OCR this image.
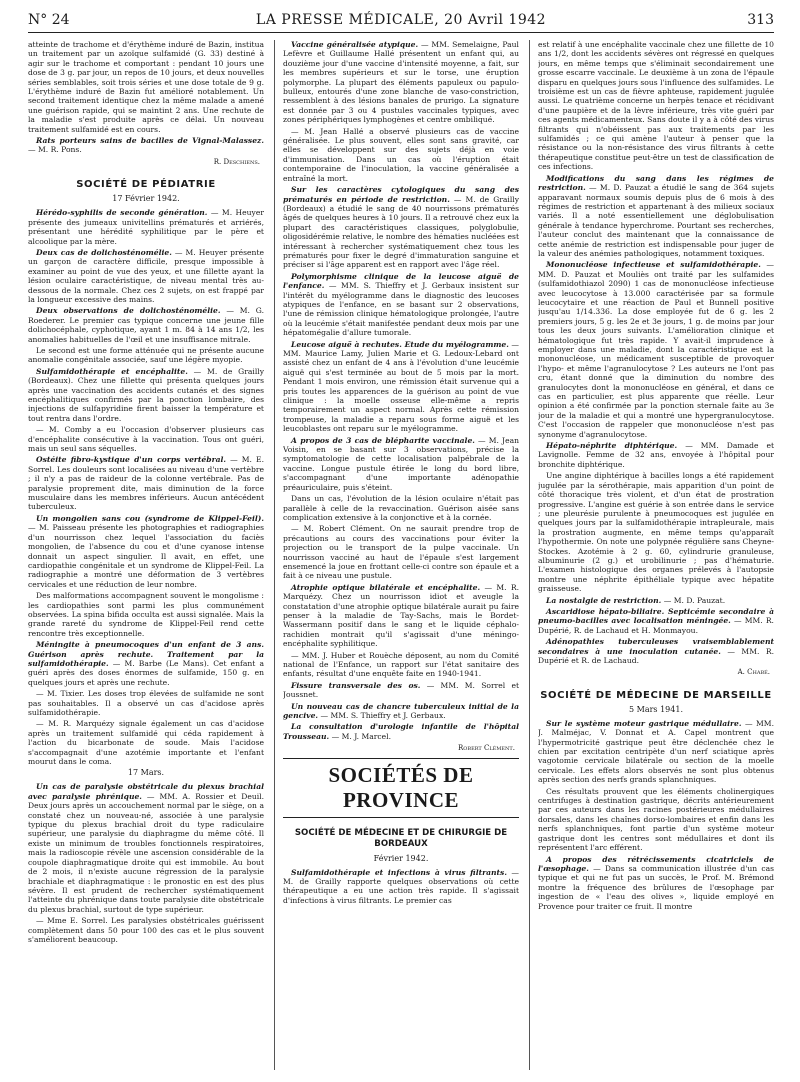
N° 24	LA PRESSE MÉDICALE, 20 Avril 1942	313

atteinte de trachome et d'érythème induré de Bazin, institua un traitement par un azoïque sulfamidé (G. 33) destiné à agir sur le trachome et comportant : pendant 10 jours une dose de 3 g. par jour, un repos de 10 jours, et deux nouvelles séries semblables, soit trois séries et une dose totale de 9 g. L'érythème induré de Bazin fut amélioré notablement. Un second traitement identique chez la même malade a amené une guérison rapide, qui se maintint 2 ans. Une rechute de la maladie s'est produite après ce délai. Un nouveau traitement sulfamidé est en cours.

Rats porteurs sains de bacilles de Vignal-Malassez. — M. R. Pons.

R. Deschiens.

SOCIÉTÉ DE PÉDIATRIE
17 Février 1942.

Hérédo-syphilis de seconde génération. — M. Heuyer présente des jumeaux univitellins prématurés et arriérés, présentant une hérédité syphilitique par le père et alcoolique par la mère.

Deux cas de dolichosténomélie. — M. Heuyer présente un garçon de caractère difficile, presque impossible à examiner au point de vue des yeux, et une fillette ayant la lésion oculaire caractéristique, de niveau mental très au-dessous de la normale. Chez ces 2 sujets, on est frappé par la longueur excessive des mains.

Deux observations de dolichosténomélie. — M. G. Roederer. Le premier cas typique concerne une jeune fille dolichocéphale, cyphotique, ayant 1 m. 84 à 14 ans 1/2, les anomalies habituelles de l'œil et une insuffisance mitrale.

Le second est une forme atténuée qui ne présente aucune anomalie congénitale associée, sauf une légère myopie.

Sulfamidothérapie et encéphalite. — M. de Grailly (Bordeaux). Chez une fillette qui présenta quelques jours après une vaccination des accidents cutanés et des signes encéphalitiques confirmés par la ponction lombaire, des injections de sulfapyridine firent baisser la température et tout rentra dans l'ordre.

— M. Comby a eu l'occasion d'observer plusieurs cas d'encéphalite consécutive à la vaccination. Tous ont guéri, mais un seul sans séquelles.

Ostéite fibro-kystique d'un corps vertébral. — M. E. Sorrel. Les douleurs sont localisées au niveau d'une vertèbre ; il n'y a pas de raideur de la colonne vertébrale. Pas de paralysie proprement dite, mais diminution de la force musculaire dans les membres inférieurs. Aucun antécédent tuberculeux.

Un mongolien sans cou (syndrome de Klippel-Feil). — M. Paisseau présente les photographies et radiographies d'un nourrisson chez lequel l'association du faciès mongolien, de l'absence du cou et d'une cyanose intense donnait un aspect singulier. Il avait, en effet, une cardiopathie congénitale et un syndrome de Klippel-Feil. La radiographie a montré une déformation de 3 vertèbres cervicales et une réduction de leur nombre.

Des malformations accompagnent souvent le mongolisme : les cardiopathies sont parmi les plus communément observées. La spina bifida occulta est aussi signalée. Mais la grande rareté du syndrome de Klippel-Feil rend cette rencontre très exceptionnelle.

Méningite à pneumocoques d'un enfant de 3 ans. Guérison après rechute. Traitement par la sulfamidothérapie. — M. Barbe (Le Mans). Cet enfant a guéri après des doses énormes de sulfamide, 150 g. en quelques jours et après une rechute.

— M. Tixier. Les doses trop élevées de sulfamide ne sont pas souhaitables. Il a observé un cas d'acidose après sulfamidothérapie.

— M. R. Marquézy signale également un cas d'acidose après un traitement sulfamidé qui céda rapidement à l'action du bicarbonate de soude. Mais l'acidose s'accompagnait d'une azotémie importante et l'enfant mourut dans le coma.

17 Mars.

Un cas de paralysie obstétricale du plexus brachial avec paralysie phrénique. — MM. A. Rossier et Deuil. Deux jours après un accouchement normal par le siège, on a constaté chez un nouveau-né, associée à une paralysie typique du plexus brachial droit du type radiculaire supérieur, une paralysie du diaphragme du même côté. Il existe un minimum de troubles fonctionnels respiratoires, mais la radioscopie révèle une ascension considérable de la coupole diaphragmatique droite qui est immobile. Au bout de 2 mois, il n'existe aucune régression de la paralysie brachiale et diaphragmatique : le pronostic en est des plus sévère. Il est prudent de rechercher systématiquement l'atteinte du phrénique dans toute paralysie dite obstétricale du plexus brachial, surtout de type supérieur.

— Mme E. Sorrel. Les paralysies obstétricales guérissent complètement dans 50 pour 100 des cas et le plus souvent s'améliorent beaucoup.

Vaccine généralisée atypique. — MM. Semelaigne, Paul Lefèvre et Guillaume Hallé présentent un enfant qui, au douzième jour d'une vaccine d'intensité moyenne, a fait, sur les membres supérieurs et sur le torse, une éruption polymorphe. La plupart des éléments papuleux ou papulo-bulleux, entourés d'une zone blanche de vaso-constriction, ressemblent à des lésions banales de prurigo. La signature est donnée par 3 ou 4 pustules vaccinales typiques, avec zones périphériques lymphogènes et centre ombiliqué.

— M. Jean Hallé a observé plusieurs cas de vaccine généralisée. Le plus souvent, elles sont sans gravité, car elles se développent sur des sujets déjà en voie d'immunisation. Dans un cas où l'éruption était contemporaine de l'inoculation, la vaccine généralisée a entraîné la mort.

Sur les caractères cytologiques du sang des prématurés en période de restriction. — M. de Grailly (Bordeaux) a étudié le sang de 40 nourrissons prématurés âgés de quelques heures à 10 jours. Il a retrouvé chez eux la plupart des caractéristiques classiques, polyglobulie, oligosidérémie relative, le nombre des hématies nucléées est intéressant à rechercher systématiquement chez tous les prématurés pour fixer le degré d'immaturation sanguine et préciser si l'âge apparent est en rapport avec l'âge réel.

Polymorphisme clinique de la leucose aiguë de l'enfance. — MM. S. Thieffry et J. Gerbaux insistent sur l'intérêt du myélogramme dans le diagnostic des leucoses atypiques de l'enfance, en se basant sur 2 observations, l'une de rémission clinique hématologique prolongée, l'autre où la leucémie s'était manifestée pendant deux mois par une hépatomégalie d'allure tumorale.

Leucose aiguë à rechutes. Etude du myélogramme. — MM. Maurice Lamy, Julien Marie et G. Ledoux-Lebard ont assisté chez un enfant de 4 ans à l'évolution d'une leucémie aiguë qui s'est terminée au bout de 5 mois par la mort. Pendant 1 mois environ, une rémission était survenue qui a pris toutes les apparences de la guérison au point de vue clinique : la moelle osseuse elle-même a repris temporairement un aspect normal. Après cette rémission trompeuse, la maladie a reparu sous forme aiguë et les leucoblastes ont reparu sur le myélogramme.

A propos de 3 cas de blépharite vaccinale. — M. Jean Voisin, en se basant sur 3 observations, précise la symptomatologie de cette localisation palpébrale de la vaccine. Longue pustule étirée le long du bord libre, s'accompagnant d'une importante adénopathie préauriculaire, puis s'éteint.

Dans un cas, l'évolution de la lésion oculaire n'était pas parallèle à celle de la revaccination. Guérison aisée sans complication extensive à la conjonctive et à la cornée.

— M. Robert Clément. On ne saurait prendre trop de précautions au cours des vaccinations pour éviter la projection ou le transport de la pulpe vaccinale. Un nourrisson vacciné au haut de l'épaule s'est largement ensemencé la joue en frottant celle-ci contre son épaule et a fait à ce niveau une pustule.

Atrophie optique bilatérale et encéphalite. — M. R. Marquézy. Chez un nourrisson idiot et aveugle la constatation d'une atrophie optique bilatérale aurait pu faire penser à la maladie de Tay-Sachs, mais le Bordet-Wassermann positif dans le sang et le liquide céphalo-rachidien montrait qu'il s'agissait d'une méningo-encéphalite syphilitique.

— MM. J. Huber et Rouèche déposent, au nom du Comité national de l'Enfance, un rapport sur l'état sanitaire des enfants, résultat d'une enquête faite en 1940-1941.

Fissure transversale des os. — MM. M. Sorrel et Joussnet.

Un nouveau cas de chancre tuberculeux initial de la gencive. — MM. S. Thieffry et J. Gerbaux.

La consultation d'urologie infantile de l'hôpital Trousseau. — M. J. Marcel.

Robert Clément.

SOCIÉTÉS DE PROVINCE
SOCIÉTÉ DE MÉDECINE ET DE CHIRURGIE DE BORDEAUX
Février 1942.

Sulfamidothérapie et infections à virus filtrants. — M. de Grailly rapporte quelques observations où cette thérapeutique a eu une action très rapide. Il s'agissait d'infections à virus filtrants. Le premier cas

est relatif à une encéphalite vaccinale chez une fillette de 10 ans 1/2, dont les accidents sévères ont régressé en quelques jours, en même temps que s'éliminait secondairement une grosse escarre vaccinale. Le deuxième à un zona de l'épaule disparu en quelques jours sous l'influence des sulfamides. Le troisième est un cas de fièvre aphteuse, rapidement jugulée aussi. Le quatrième concerne un herpès tenace et récidivant d'une paupière et de la lèvre inférieure, très vite guéri par ces agents médicamenteux. Sans doute il y a à côté des virus filtrants qui n'obéissent pas aux traitements par les sulfamidés ; ce qui amène l'auteur à penser que la résistance ou la non-résistance des virus filtrants à cette thérapeutique constitue peut-être un test de classification de ces infections.

Modifications du sang dans les régimes de restriction. — M. D. Pauzat a étudié le sang de 364 sujets apparavant normaux soumis depuis plus de 6 mois à des régimes de restriction et appartenant à des milieux sociaux variés. Il a noté essentiellement une déglobulisation générale à tendance hyperchrome. Pourtant ses recherches, l'auteur conclut des maintenant que la connaissance de cette anémie de restriction est indispensable pour juger de la valeur des anémies pathologiques, notamment toxiques.

Mononucléose infectieuse et sulfamidothérapie. — MM. D. Pauzat et Mouliès ont traité par les sulfamides (sulfamidothiazol 2090) 1 cas de mononucléose infectieuse avec leucocytose à 13.000 caractérisée par sa formule leucocytaire et une réaction de Paul et Bunnell positive jusqu'au 1/14.336. La dose employée fut de 6 g. les 2 premiers jours, 5 g. les 2e et 3e jours, 1 g. de moins par jour tous les deux jours suivants. L'amélioration clinique et hématologique fut très rapide. Y avait-il imprudence à employer dans une maladie, dont la caractéristique est la mononucléose, un médicament susceptible de provoquer l'hypo- et même l'agranulocytose ? Les auteurs ne l'ont pas cru, étant donné que la diminution du nombre des granulocytes dont la mononucléose en général, et dans ce cas en particulier, est plus apparente que réelle. Leur opinion a été confirmée par la ponction sternale faite au 3e jour de la maladie et qui a montré une hypergranulocytose. C'est l'occasion de rappeler que mononucléose n'est pas synonyme d'agranulocytose.

Hépato-néphrite diphtérique. — MM. Damade et Lavignolle. Femme de 32 ans, envoyée à l'hôpital pour bronchite diphtérique.

Une angine diphtérique à bacilles longs a été rapidement jugulée par la sérothérapie, mais apparition d'un point de côté thoracique très violent, et d'un état de prostration progressive. L'angine est guérie à son entrée dans le service ; une pleurésie purulente à pneumocoques est jugulée en quelques jours par la sulfamidothérapie intrapleurale, mais la prostration augmente, en même temps qu'apparaît l'hypothermie. On note une polypnée régulière sans Cheyne-Stockes. Azotémie à 2 g. 60, cylindrurie granuleuse, albuminurie (2 g.) et urobilinurie ; pas d'hématurie. L'examen histologique des organes prélevés à l'autopsie montre une néphrite épithéliale typique avec hépatite graisseuse.

La nostalgie de restriction. — M. D. Pauzat.

Ascaridiose hépato-biliaire. Septicémie secondaire à pneumo-bacilles avec localisation méningée. — MM. R. Dupérié, R. de Lachaud et H. Monmayou.

Adénopathies tuberculeuses vraisemblablement secondaires à une inoculation cutanée. — MM. R. Dupérié et R. de Lachaud.

A. Chabé.

SOCIÉTÉ DE MÉDECINE DE MARSEILLE
5 Mars 1941.

Sur le système moteur gastrique médullaire. — MM. J. Malméjac, V. Donnat et A. Capel montrent que l'hypermotricité gastrique peut être déclenchée chez le chien par excitation centripète d'un nerf sciatique après vagotomie cervicale bilatérale ou section de la moelle cervicale. Les effets alors observés ne sont plus obtenus après section des nerfs grands splanchniques.

Ces résultats prouvent que les éléments cholinergiques centrifuges à destination gastrique, décrits antérieurement par ces auteurs dans les racines postérieures médullaires dorsales, dans les chaînes dorso-lombaires et enfin dans les nerfs splanchniques, font partie d'un système moteur gastrique dont les centres sont médullaires et dont ils représentent l'arc efférent.

A propos des rétrécissements cicatriciels de l'œsophage. — Dans sa communication illustrée d'un cas typique et qui ne fut pas un succès, le Prof. M. Brémond montre la fréquence des brûlures de l'œsophage par ingestion de « l'eau des olives », liquide employé en Provence pour traiter ce fruit. Il montre
